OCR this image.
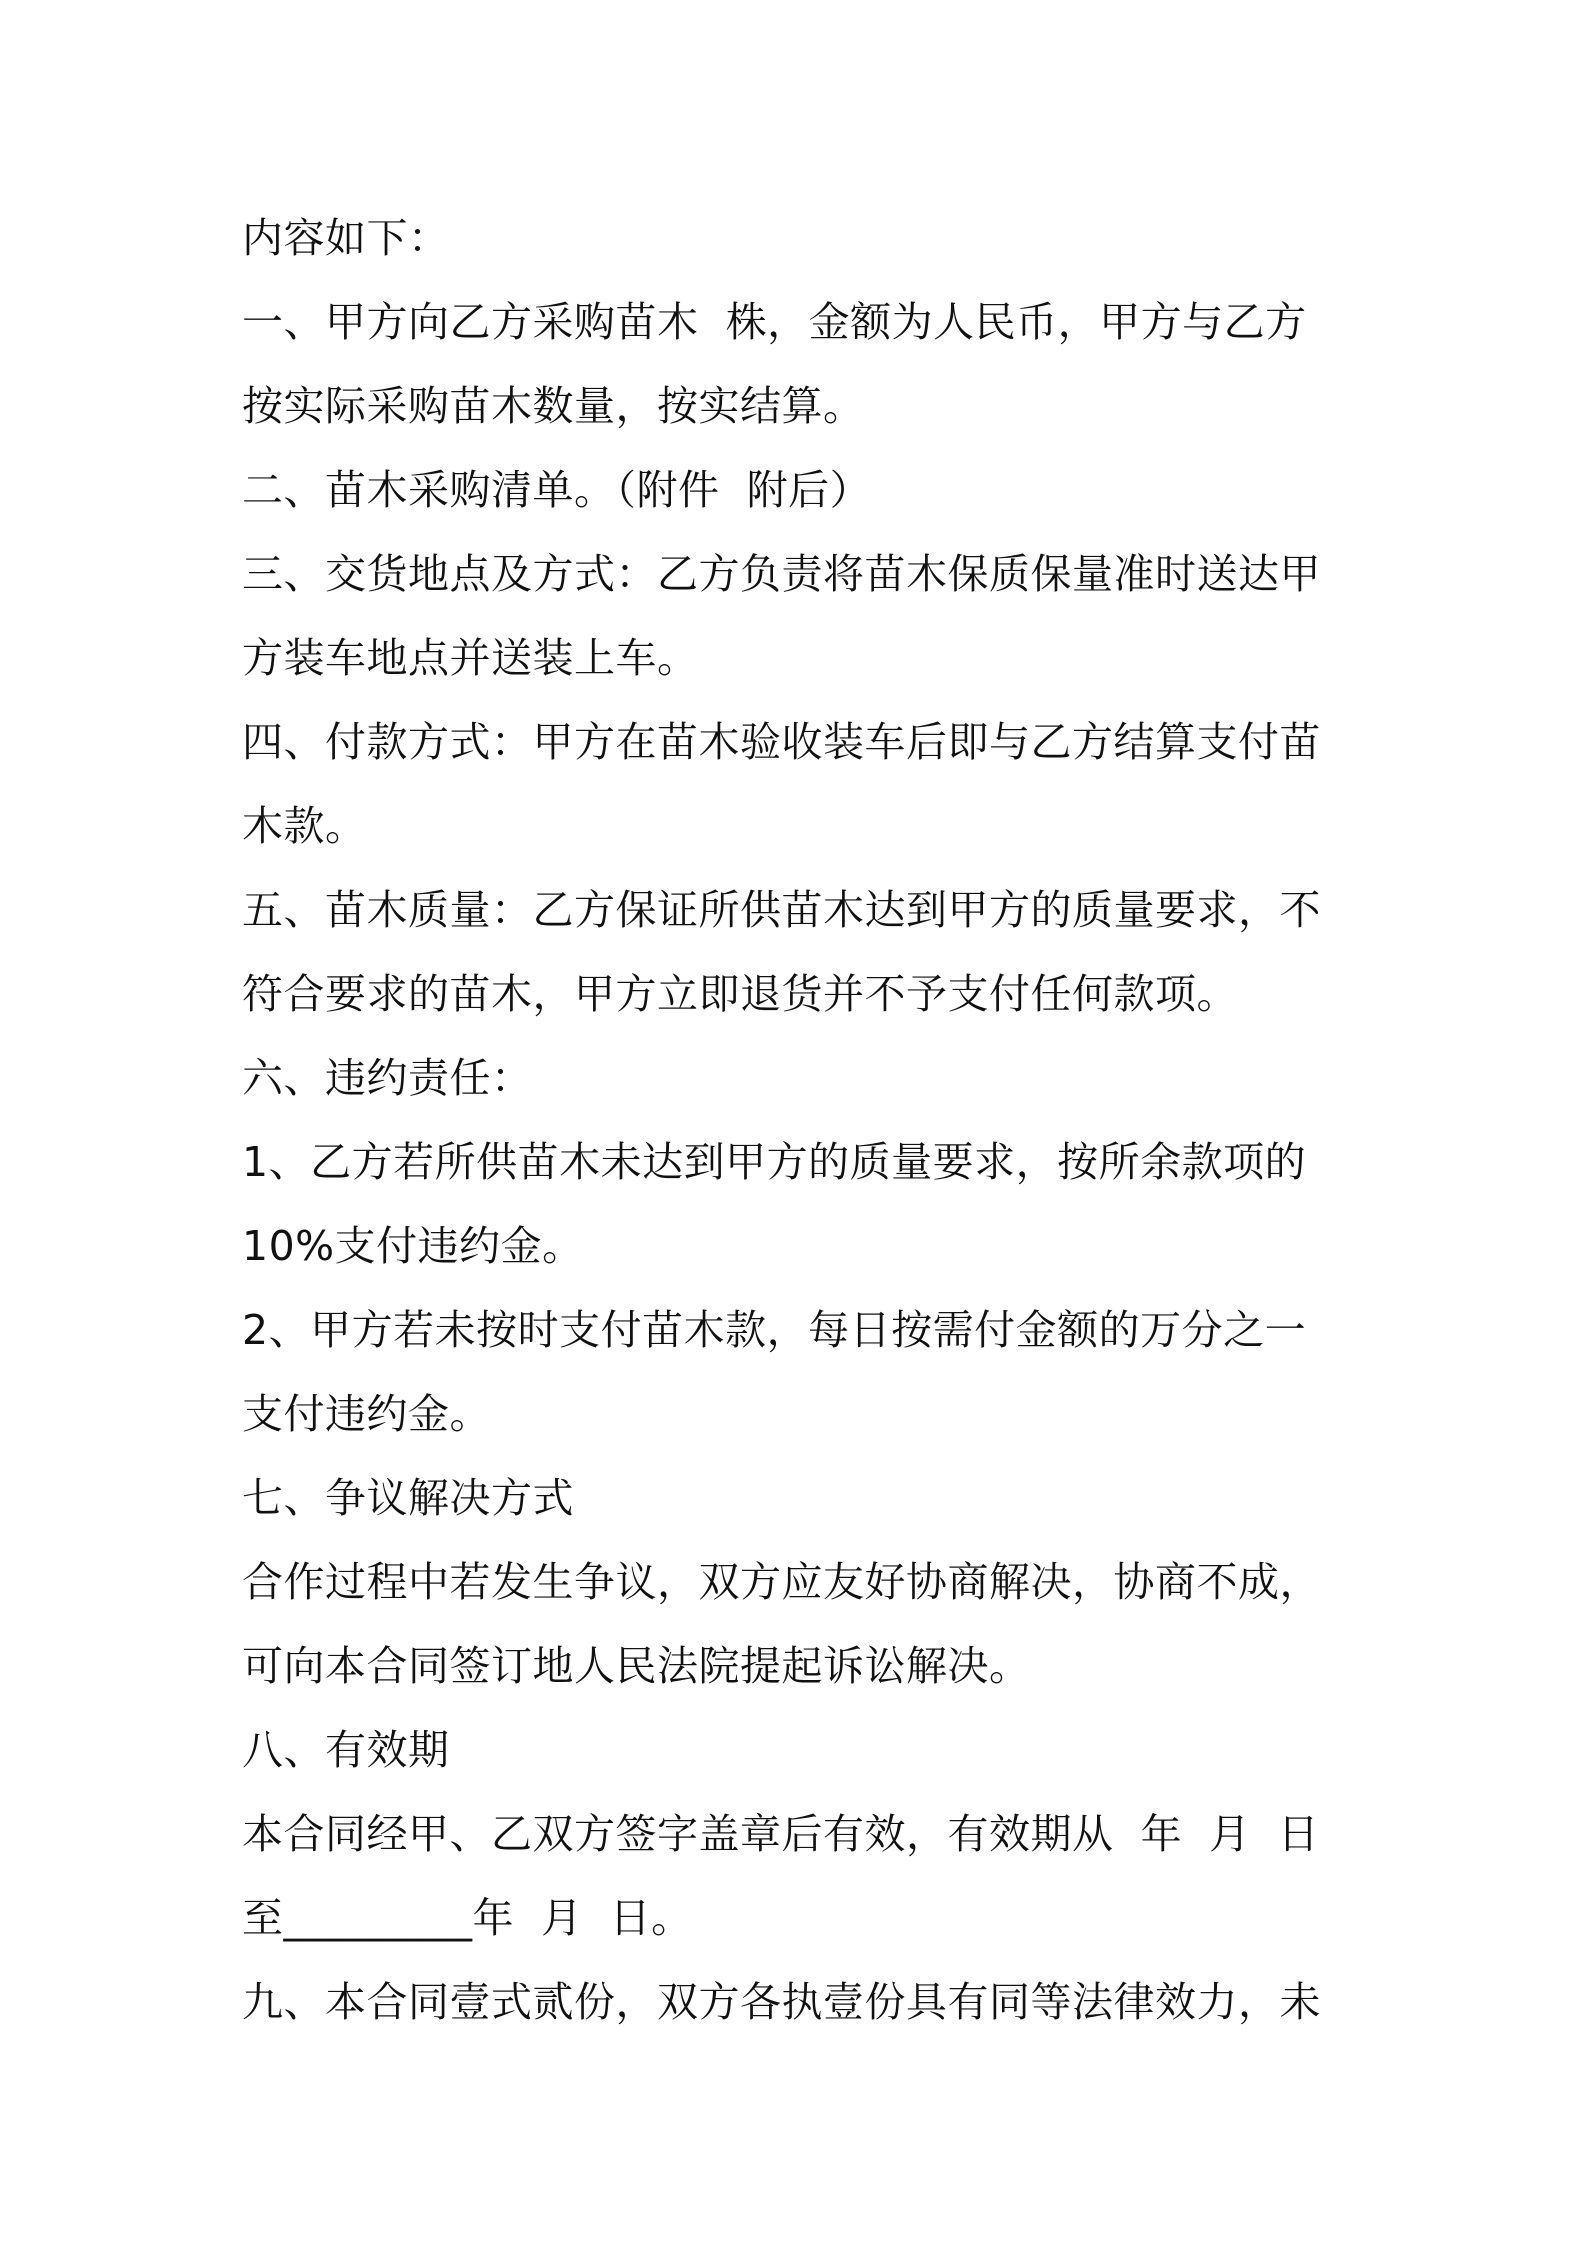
内容如下：

一、甲方向乙方采购苗木  株，金额为人民币，甲方与乙方

按实际采购苗木数量，按实结算。

二、苗木采购清单。（附件  附后）

三、交货地点及方式：乙方负责将苗木保质保量准时送达甲

方装车地点并送装上车。

四、付款方式：甲方在苗木验收装车后即与乙方结算支付苗

木款。

五、苗木质量：乙方保证所供苗木达到甲方的质量要求，不

符合要求的苗木，甲方立即退货并不予支付任何款项。

六、违约责任：

1、乙方若所供苗木未达到甲方的质量要求，按所余款项的

10%支付违约金。

2、甲方若未按时支付苗木款，每日按需付金额的万分之一

支付违约金。

七、争议解决方式

合作过程中若发生争议，双方应友好协商解决，协商不成，

可向本合同签订地人民法院提起诉讼解决。

八、有效期

本合同经甲、乙双方签字盖章后有效，有效期从  年  月  日

至_________年  月  日。

九、本合同壹式贰份，双方各执壹份具有同等法律效力，未
